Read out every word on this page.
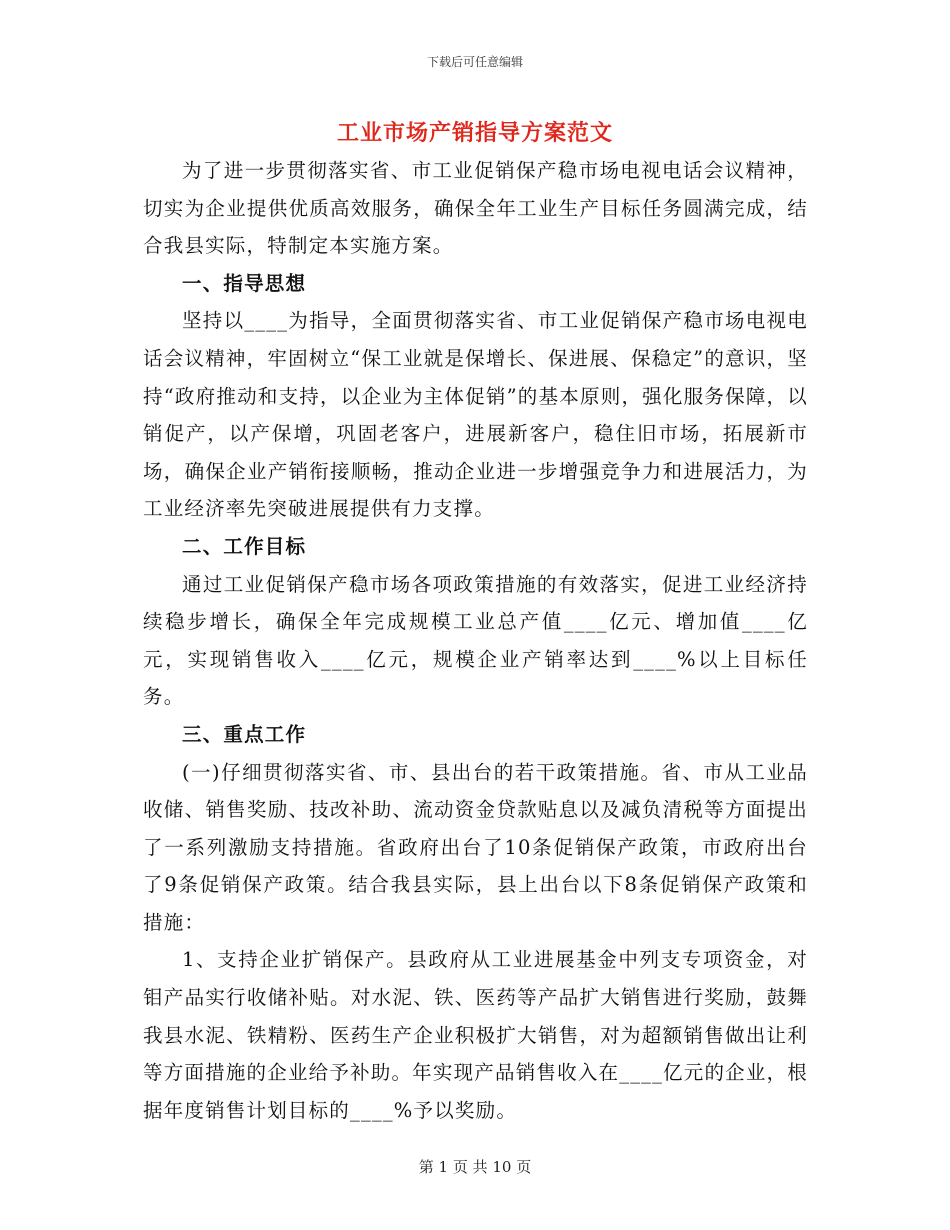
下载后可任意编辑
工业市场产销指导方案范文

为了进一步贯彻落实省、市工业促销保产稳市场电视电话会议精神，切实为企业提供优质高效服务，确保全年工业生产目标任务圆满完成，结合我县实际，特制定本实施方案。

一、指导思想

坚持以____为指导，全面贯彻落实省、市工业促销保产稳市场电视电话会议精神，牢固树立“保工业就是保增长、保进展、保稳定”的意识，坚持“政府推动和支持，以企业为主体促销”的基本原则，强化服务保障，以销促产，以产保增，巩固老客户，进展新客户，稳住旧市场，拓展新市场，确保企业产销衔接顺畅，推动企业进一步增强竞争力和进展活力，为工业经济率先突破进展提供有力支撑。

二、工作目标

通过工业促销保产稳市场各项政策措施的有效落实，促进工业经济持续稳步增长，确保全年完成规模工业总产值____亿元、增加值____亿元，实现销售收入____亿元，规模企业产销率达到____%以上目标任务。

三、重点工作

(一)仔细贯彻落实省、市、县出台的若干政策措施。省、市从工业品收储、销售奖励、技改补助、流动资金贷款贴息以及减负清税等方面提出了一系列激励支持措施。省政府出台了10条促销保产政策，市政府出台了9条促销保产政策。结合我县实际，县上出台以下8条促销保产政策和措施：

1、支持企业扩销保产。县政府从工业进展基金中列支专项资金，对钼产品实行收储补贴。对水泥、铁、医药等产品扩大销售进行奖励，鼓舞我县水泥、铁精粉、医药生产企业积极扩大销售，对为超额销售做出让利等方面措施的企业给予补助。年实现产品销售收入在____亿元的企业，根据年度销售计划目标的____%予以奖励。

第 1 页 共 10 页
